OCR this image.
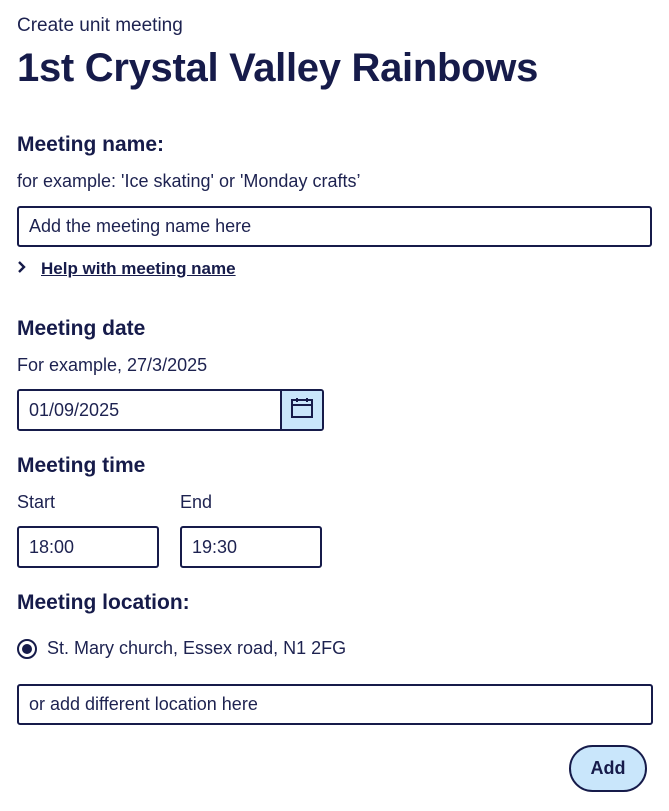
Create unit meeting
1st Crystal Valley Rainbows
Meeting name:
for example: 'Ice skating' or 'Monday crafts’
Add the meeting name here
Help with meeting name
Meeting date
For example, 27/3/2025
01/09/2025
Meeting time
Start	End
18:00
19:30
Meeting location:
St. Mary church, Essex road, N1 2FG
or add different location here
Add
